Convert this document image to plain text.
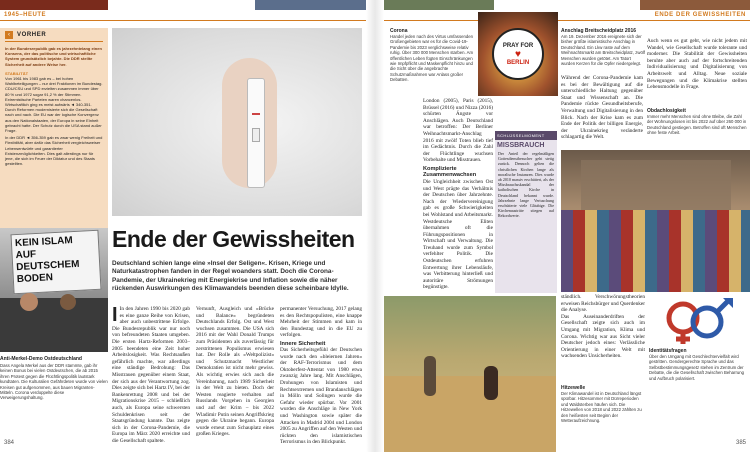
1945–HEUTE
‹	VORHER
In der Bundesrepublik gab es jahrzehntelang einen Konsens, der das politische und wirtschaftliche System grundsätzlich bejahte. Die DDR stellte Sicherheit auf andere Weise her.
STABILITÄT
Von 1961 bis 1983 gab es – bei hohen Wahlbeteiligungen – nur drei Fraktionen im Bundestag. CDU/CSU und SPD erzielten zusammen immer über 80 % und 1972 sogar 91,2 % der Stimmen. Extremistische Parteien waren chancenlos. Wirtschaftlich ging es meist aufwärts ◄ 340-351. Durch Reformen modernisierte sich die Gesellschaft nach und nach. Die EU war der logische Konvergenz aus den Nationalstaaten, der Europa in seine Einheit gebracht hatte. Der Schutz durch die USA stand außer Frage.
In der DDR ◄ 356-359 gab es zwar wenig Freiheit und Flexibilität, aber dafür das Sicherheit vergleichsweiser Lebensentwürfe und garantierter Existenzmöglichkeiten. Dies galt allerdings nur für jene, die sich im Feuer der Diktatur und des Staats gestellten.
Ende der Gewissheiten
Deutschland schien lange eine »Insel der Seligen«. Krisen, Kriege und Naturkatastrophen fanden in der Regel woanders statt. Doch die Corona-Pandemie, der Ukrainekrieg mit Energiekrise und Inflation sowie die näher rückenden Auswirkungen des Klimawandels beenden diese scheinbare Idylle.
KEIN ISLAM AUF DEUTSCHEM BODEN
Anti-Merkel-Demo Ostdeutschland
Dass Angela Merkel aus der DDR stammte, gab ihr keinen Bonus bei vielen Ostdeutschen, die ab 2015 ihren Protest gegen die Flüchtlingspolitik lautstark kundtaten. Die Kulturalien Gefährdeten wurde von vielen Kreisen gut aufgenommen, aus bauen Migranten-Mitteln. Corona verdoppelte diese Verweigerungshaltung.
I In den Jahren 1990 bis 2020 gab es eine ganze Reihe von Krisen, aber auch unbestrittene Erfolge. Die Bundesrepublik war nur noch von befreundeten Staaten umgeben. Die ersten Hartz-Reformen 2003–2005 beendeten eine Zeit hoher Arbeitslosigkeit. Was Rechtsaußen gefährlich machte, war allerdings eine ständige Bedrohung: Das Misstrauen gegenüber einem Staat, der sich aus der Verantwortung zog. Dies zeigte sich bei Hartz IV, bei der Bankenrettung 2008 und bei der Migrationskrise 2015 – schließlich auch, als Europa seine schwersten Schuldenkrisen seit der Staatsgründung kannte. Das zeigte sich in der Corona-Pandemie, die Europa im März 2020 erreichte und die Gesellschaft spaltete.
Vernunft, Ausgleich und »Brücke und Balance« begründeten Deutschlands Erfolg. Ost und West wuchsen zusammen. Die USA sich 2016 mit der Wahl Donald Trumps zum Präsidenten als zuverlässig für zerstrittenen Populismus erwiesen hat. Der Rolle als »Weltpolizist« und Schutzmacht Westlicher Demokratien ist nicht mehr gewiss. Als wichtig erwies sich auch die Vereinbarung, nach 1989 Sicherheit in der Welt zu bieten. Doch der Westen reagierte verhalten auf Russlands Vorgehen in Georgien und auf der Krim – bis 2022 Wladimir Putin seinen Angriffskrieg gegen die Ukraine begann. Europa wurde erneut zum Schauplatz eines großen Krieges.
permanenter Versuchung, 2017 gelang es den Rechtspopulisten, eine knappe Mehrheit der Stimmen und kam in den Bundestag und in die EU zu verfolgen.
Innere Sicherheit
Das Sicherheitsgefühl der Deutschen wurde nach den »bleiernen Jahren« der RAF-Terrorismus und dem Oktoberfest-Attentat von 1980 etwa zwanzig Jahre lang. Mit Anschlägen, Drohungen von Islamisten und Rechtsextremen und Brandanschlägen in Mölln und Solingen wurde die Gefahr wieder spürbar. Vor 2001 wurden die Anschläge in New York und Washington sowie später die Attacken in Madrid 2004 und London 2005 zu Angriffen auf den Westen und rückten den islamistischen Terrorismus in den Blickpunkt.
384
ENDE DER GEWISSHEITEN
Corona
Handel jeden nach des Virtus umfassenden Großengebieten war es für die Covid-19-Pandemie bis 2023 verglichsweise relativ ruhig. Über 300 000 Menschen starben. Am öffentlichen Leben fügten Einschränkungen wie Impfpflicht und Maskenpflicht hinzu und die Sicht über die angebrachte Schutzmaßnahmen war Anlass großer Debatten.
PRAY FOR
♥
BERLIN
Anschlag Breitscheidplatz 2016
Am 19. Dezember 2016 ereignete sich der bisher größte islamistische Anschlag in Deutschland. Ein Lkw raste auf dem Weihnachtsmarkt am Breitscheidplatz, zwölf Menschen wurden getötet. Am Tatort wurden Kerzen für die Opfer niedergelegt.
London (2005), Paris (2015), Brüssel (2016) und Nizza (2016) schürten Ängste vor Anschlägen. Auch Deutschland war betroffen: Der Berliner Weihnachtsmarkt-Anschlag 2016 mit zwölf Toten blieb tief im Gedächtnis. Durch die Zahl der Flüchtlinge wuchsen Vorbehalte und Misstrauen.
Komplizierte Zusammenwachsen
Die Ungleichheit zwischen Ost und West prägte das Verhältnis der Deutschen über Jahrzehnte. Nach der Wiedervereinigung gab es große Schwierigkeiten bei Wohlstand und Arbeitsmarkt. Westdeutsche Eliten übernahmen oft die Führungspositionen in Wirtschaft und Verwaltung. Die Treuhand wurde zum Symbol verfehlter Politik. Die Ostdeutschen erfuhren Entwertung ihrer Lebensläufe, was Verbitterung hinterließ und autoritäre Strömungen begünstigte.
SCHLÜSSELMOMENT
MISSBRAUCH
Der Anteil der regelmäßigen Gottesdienstbesucher geht stetig zurück. Dennoch gelten die christlichen Kirchen lange als moralische Instanzen. Dies wurde ab 2010 massiv erschüttert, als der Missbrauchsskandal der katholischen Kirche in Deutschland bekannt wurde. Jahrzehnte lange Vertuschung erschütterte viele Gläubige. Die Kirchenaustritte stiegen auf Rekordwerte.
Während der Corona-Pandemie kam es bei der Bewältigung auf die unterschiedliche Haltung gegenüber Staat und Wissenschaft an. Die Pandemie rückte Gesundheitsberufe, Verwaltung und Digitalisierung in den Blick. Nach der Krise kam es zum Ende der Politik der billigen Energie, der Ukrainekrieg veränderte schlagartig die Welt.
Auch wenn es gut geht, wie nicht jedem mit Wandel, wie Gesellschaft wurde tolerante und moderner. Die Stabilität der Gewissheiten beruhte aber auch auf der fortschreitenden Individualisierung und Digitalisierung von Arbeitswelt und Alltag. Neue soziale Bewegungen und die Klimakrise stellten Lebensmodelle in Frage.
Obdachlosigkeit
Immer mehr Menschen sind ohne Bleibe, die Zahl der Wohnungslosen ist bis 2022 auf über 260 000 in Deutschland gestiegen. Betroffen sind oft Menschen ohne feste Arbeit.
Hitzewelle
Der Klimawandel ist in Deutschland längst spürbar. Hitzesommer mit Dürreperioden und Waldsterben häufen sich. Die Hitzewellen von 2018 und 2022 zählten zu den heißesten seit Beginn der Wetteraufzeichnung.
ständlich. Verschwörungstheorien erweisen Reichsbürger und Querdenker die Analyse.
Das Auseinanderdriften der Gesellschaft zeigte sich auch im Umgang mit Migration, Klima und Corona. Wichtig war aus Sicht vieler Deutscher jedoch eines: Verlässliche Orientierung in einer Welt mit wachsenden Unsicherheiten.
Identitätsfragen
Über den Umgang mit Geschlechtervielfalt wird gestritten. Gendergerechte Sprache und das Selbstbestimmungsgesetz stehen im Zentrum der Debatte, die die Gesellschaft zwischen Beharrung und Aufbruch polarisiert.
385
